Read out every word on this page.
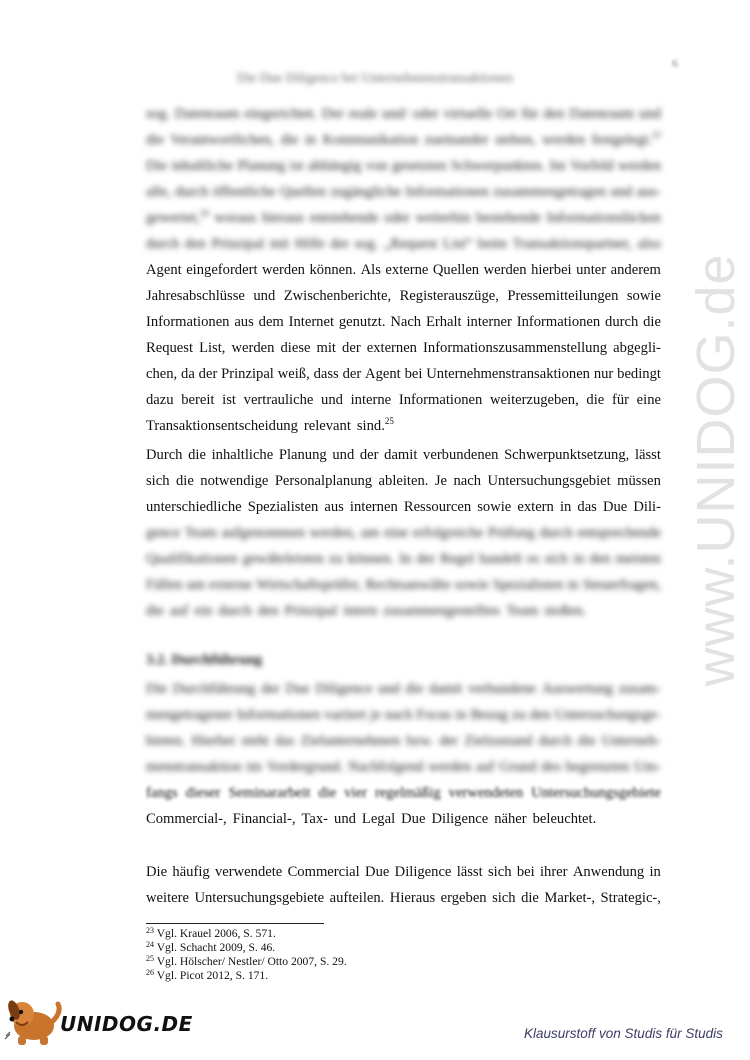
6
Die Due Diligence bei Unternehmenstransaktionen
sog. Datenraum eingerichtet. Der reale und/ oder virtuelle Ort für den Datenraum und
die Verantwortlichen, die in Kommunikation zueinander stehen, werden festgelegt.$^{23}$
Die inhaltliche Planung ist abhängig von gesetzten Schwerpunkten. Im Vorfeld werden
alle, durch öffentliche Quellen zugängliche Informationen zusammengetragen und aus-
gewertet,$^{24}$ woraus hieraus entstehende oder weiterhin bestehende Informationslücken
durch den Prinzipal mit Hilfe der sog. „Request List“ beim Transaktionspartner, also
Agent eingefordert werden können. Als externe Quellen werden hierbei unter anderem
Jahresabschlüsse und Zwischenberichte, Registerauszüge, Pressemitteilungen sowie
Informationen aus dem Internet genutzt. Nach Erhalt interner Informationen durch die
Request List, werden diese mit der externen Informationszusammenstellung abgegli-
chen, da der Prinzipal weiß, dass der Agent bei Unternehmenstransaktionen nur bedingt
dazu bereit ist vertrauliche und interne Informationen weiterzugeben, die für eine
Transaktionsentscheidung relevant sind.$^{25}$
Durch die inhaltliche Planung und der damit verbundenen Schwerpunktsetzung, lässt
sich die notwendige Personalplanung ableiten. Je nach Untersuchungsgebiet müssen
unterschiedliche Spezialisten aus internen Ressourcen sowie extern in das Due Dili-
gence Team aufgenommen werden, um eine erfolgreiche Prüfung durch entsprechende
Qualifikationen gewährleisten zu können. In der Regel handelt es sich in den meisten
Fällen um externe Wirtschaftsprüfer, Rechtsanwälte sowie Spezialisten in Steuerfragen,
die auf ein durch den Prinzipal intern zusammengestelltes Team stoßen.
3.2. Durchführung
Die Durchführung der Due Diligence und die damit verbundene Auswertung zusam-
mengetragener Informationen variiert je nach Focus in Bezug zu den Untersuchungsge-
bieten. Hierbei steht das Zielunternehmen bzw. der Zielzustand durch die Unterneh-
menstransaktion im Vordergrund. Nachfolgend werden auf Grund des begrenzten Um-
fangs dieser Seminararbeit die vier regelmäßig verwendeten Untersuchungsgebiete
Commercial-, Financial-, Tax- und Legal Due Diligence näher beleuchtet.
Die häufig verwendete Commercial Due Diligence lässt sich bei ihrer Anwendung in
weitere Untersuchungsgebiete aufteilen. Hieraus ergeben sich die Market-, Strategic-,
$^{23}$ Vgl. Krauel 2006, S. 571.
$^{24}$ Vgl. Schacht 2009, S. 46.
$^{25}$ Vgl. Hölscher/ Nestler/ Otto 2007, S. 29.
$^{26}$ Vgl. Picot 2012, S. 171.
www.UNIDOG.de
UNIDOG.DE	Klausurstoff von Studis für Studis
